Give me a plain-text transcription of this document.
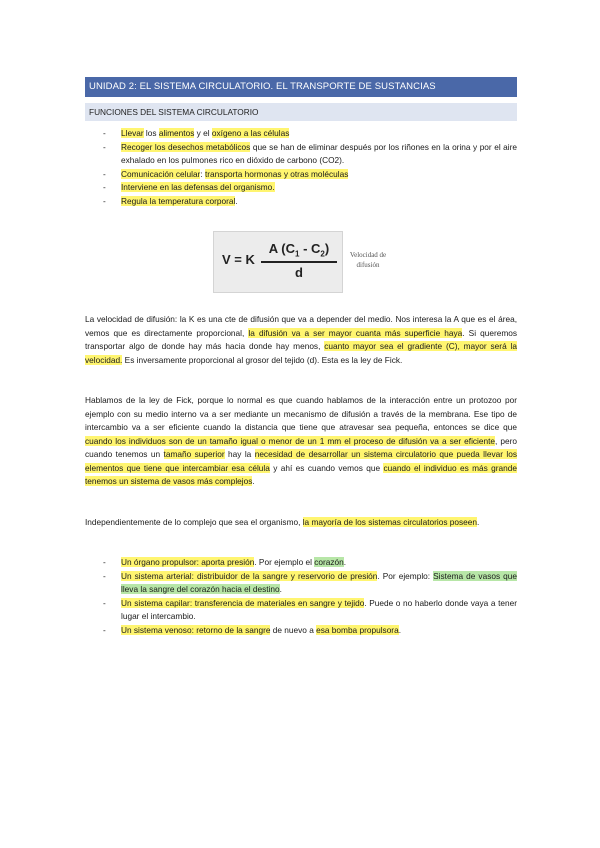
UNIDAD 2: EL SISTEMA CIRCULATORIO. EL TRANSPORTE DE SUSTANCIAS
FUNCIONES DEL SISTEMA CIRCULATORIO
- Llevar los alimentos y el oxígeno a las células
- Recoger los desechos metabólicos que se han de eliminar después por los riñones en la orina y por el aire exhalado en los pulmones rico en dióxido de carbono (CO2).
- Comunicación celular: transporta hormonas y otras moléculas
- Interviene en las defensas del organismo.
- Regula la temperatura corporal.
V = K
A $(C_1 - C_2)$
d
Velocidad de difusión
La velocidad de difusión: la K es una cte de difusión que va a depender del medio. Nos interesa la A que es el área, vemos que es directamente proporcional, la difusión va a ser mayor cuanta más superficie haya. Si queremos transportar algo de donde hay más hacia donde hay menos, cuanto mayor sea el gradiente (C), mayor será la velocidad. Es inversamente proporcional al grosor del tejido (d). Esta es la ley de Fick.
Hablamos de la ley de Fick, porque lo normal es que cuando hablamos de la interacción entre un protozoo por ejemplo con su medio interno va a ser mediante un mecanismo de difusión a través de la membrana. Ese tipo de intercambio va a ser eficiente cuando la distancia que tiene que atravesar sea pequeña, entonces se dice que cuando los individuos son de un tamaño igual o menor de un 1 mm el proceso de difusión va a ser eficiente, pero cuando tenemos un tamaño superior hay la necesidad de desarrollar un sistema circulatorio que pueda llevar los elementos que tiene que intercambiar esa célula y ahí es cuando vemos que cuando el individuo es más grande tenemos un sistema de vasos más complejos.
Independientemente de lo complejo que sea el organismo, la mayoría de los sistemas circulatorios poseen.
- Un órgano propulsor: aporta presión. Por ejemplo el corazón.
- Un sistema arterial: distribuidor de la sangre y reservorio de presión. Por ejemplo: Sistema de vasos que lleva la sangre del corazón hacia el destino.
- Un sistema capilar: transferencia de materiales en sangre y tejido. Puede o no haberlo donde vaya a tener lugar el intercambio.
- Un sistema venoso: retorno de la sangre de nuevo a esa bomba propulsora.
